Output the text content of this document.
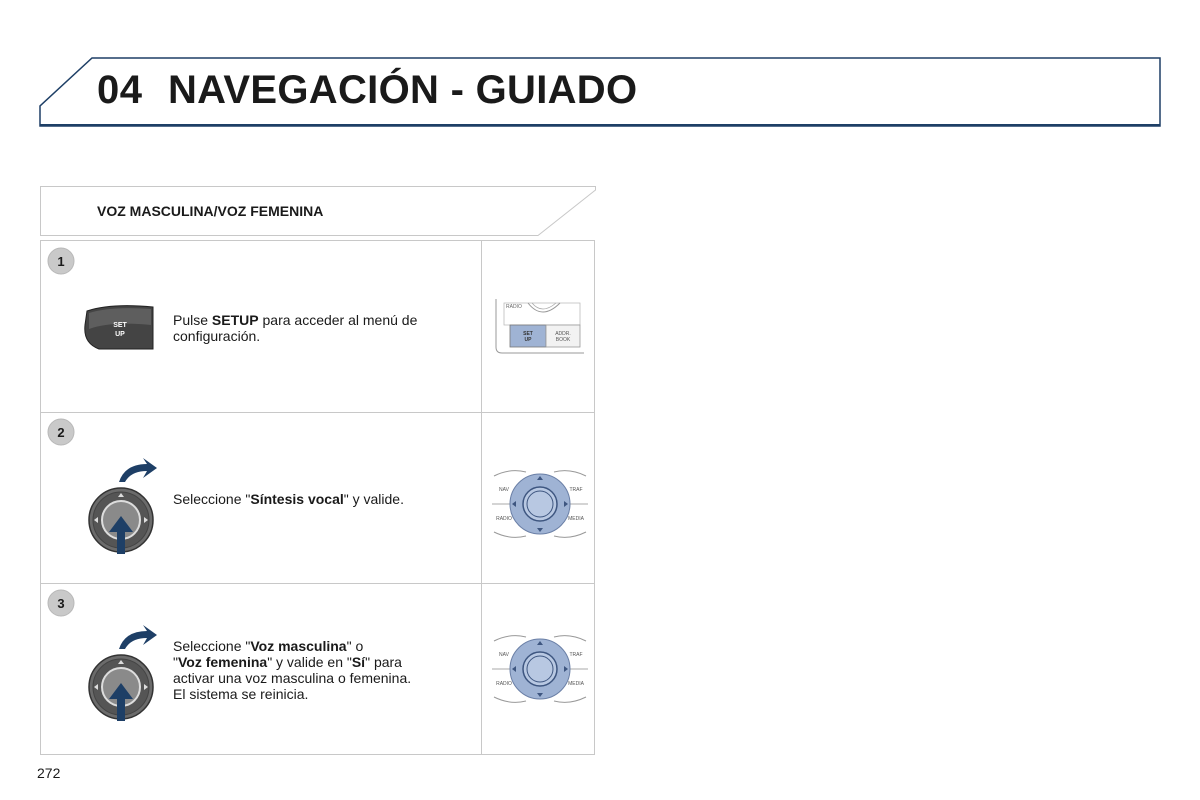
04 NAVEGACIÓN - GUIADO
VOZ MASCULINA/VOZ FEMENINA
1
SET
UP
Pulse SETUP para acceder al menú de configuración.
RADIO
SET
UP
ADDR.
BOOK
2
Seleccione "Síntesis vocal" y valide.
NAV	TRAF
RADIO	MEDIA
3
Seleccione "Voz masculina" o
"Voz femenina" y valide en "Sí" para
activar una voz masculina o femenina.
El sistema se reinicia.
NAV	TRAF
RADIO	MEDIA
272
